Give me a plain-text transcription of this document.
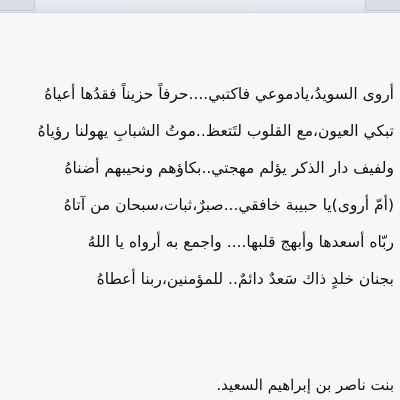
أروى السويدُ،يادموعي فاكتبي....حرفاً حزيناً فقدُها أعياهُ
تبكي العيون،مع القلوب لتَتعظ..موتُ الشبابِ يهولنا رؤياهُ
ولفيف دار الذكر يؤلم مهجتي..بكاؤهم ونحيبهم أضناهُ
(أمّ أروى)يا حبيبة خافقي...صبرٌ،ثبات،سبحان من آتاهُ
ربّاه أسعدها وأبهج قلبها.... واجمع به أرواه يا اللهُ
بجنان خلدٍ ذاك سَعدٌ دائمٌ.. للمؤمنين،ربنا أعطاهُ
بنت ناصر بن إبراهيم السعيد.
